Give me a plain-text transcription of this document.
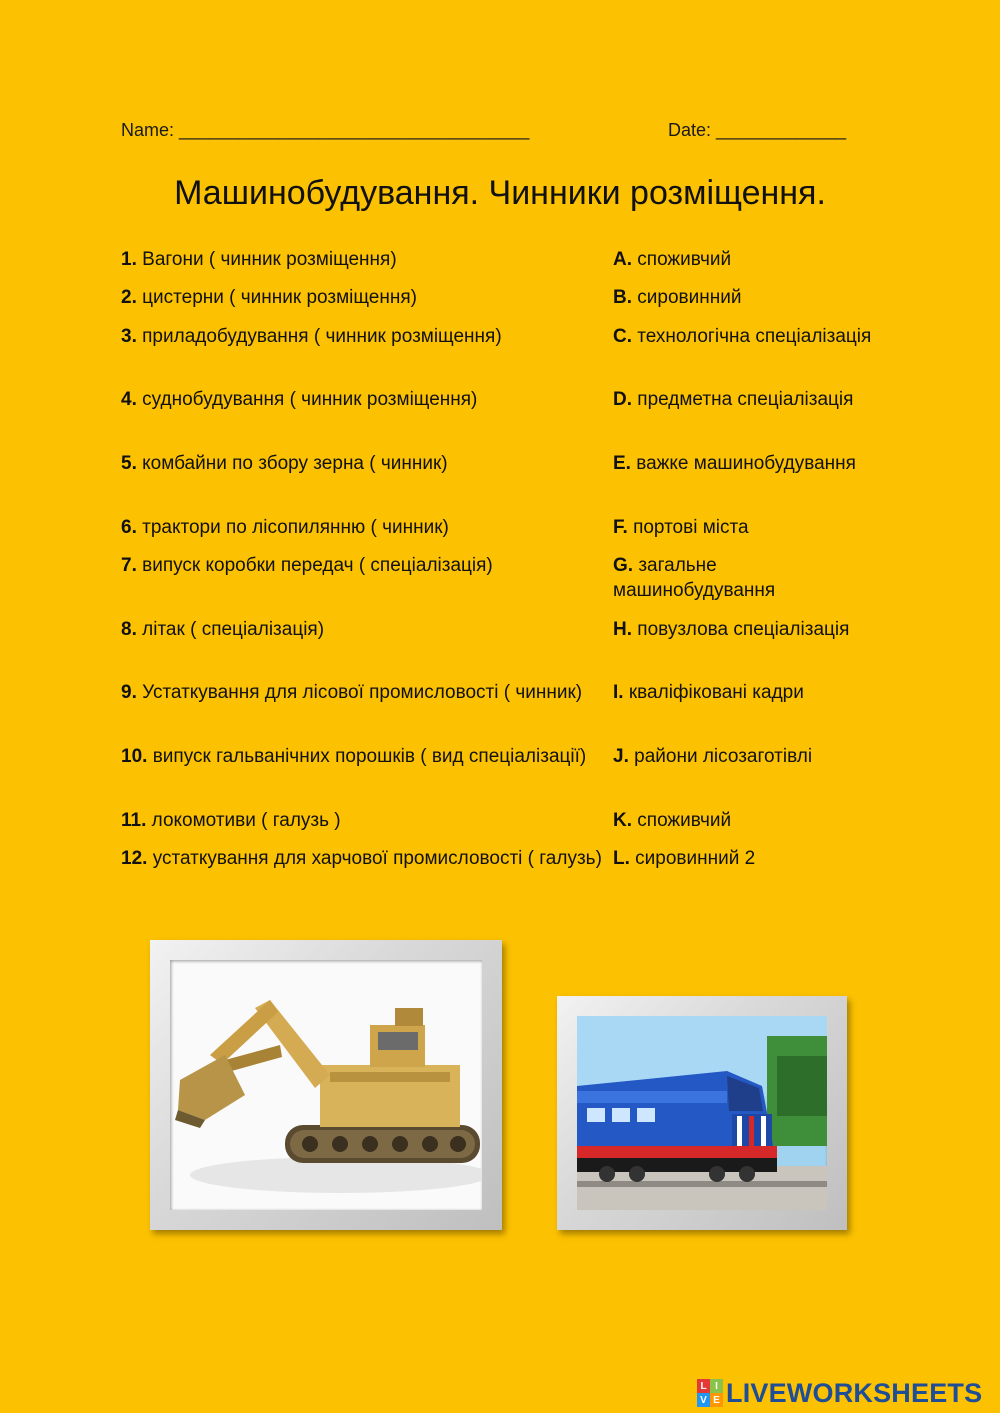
Name: ___________________________________	Date: _____________
Машинобудування. Чинники розміщення.
1. Вагони ( чинник розміщення)
2. цистерни ( чинник розміщення)
3. приладобудування ( чинник розміщення)
4. суднобудування ( чинник розміщення)
5. комбайни по збору зерна ( чинник)
6. трактори по лісопилянню ( чинник)
7. випуск коробки передач ( спеціалізація)
8. літак ( спеціалізація)
9. Устаткування для лісової промисловості ( чинник)
10. випуск гальванічних порошків ( вид спеціалізації)
11. локомотиви ( галузь )
12. устаткування для харчової промисловості ( галузь)
A. споживчий
B. сировинний
C. технологічна спеціалізація
D. предметна спеціалізація
E. важке машинобудування
F. портові міста
G. загальне машинобудування
H. повузлова спеціалізація
I. кваліфіковані кадри
J. райони лісозаготівлі
K. споживчий
L. сировинний 2
L I
V E LIVEWORKSHEETS
